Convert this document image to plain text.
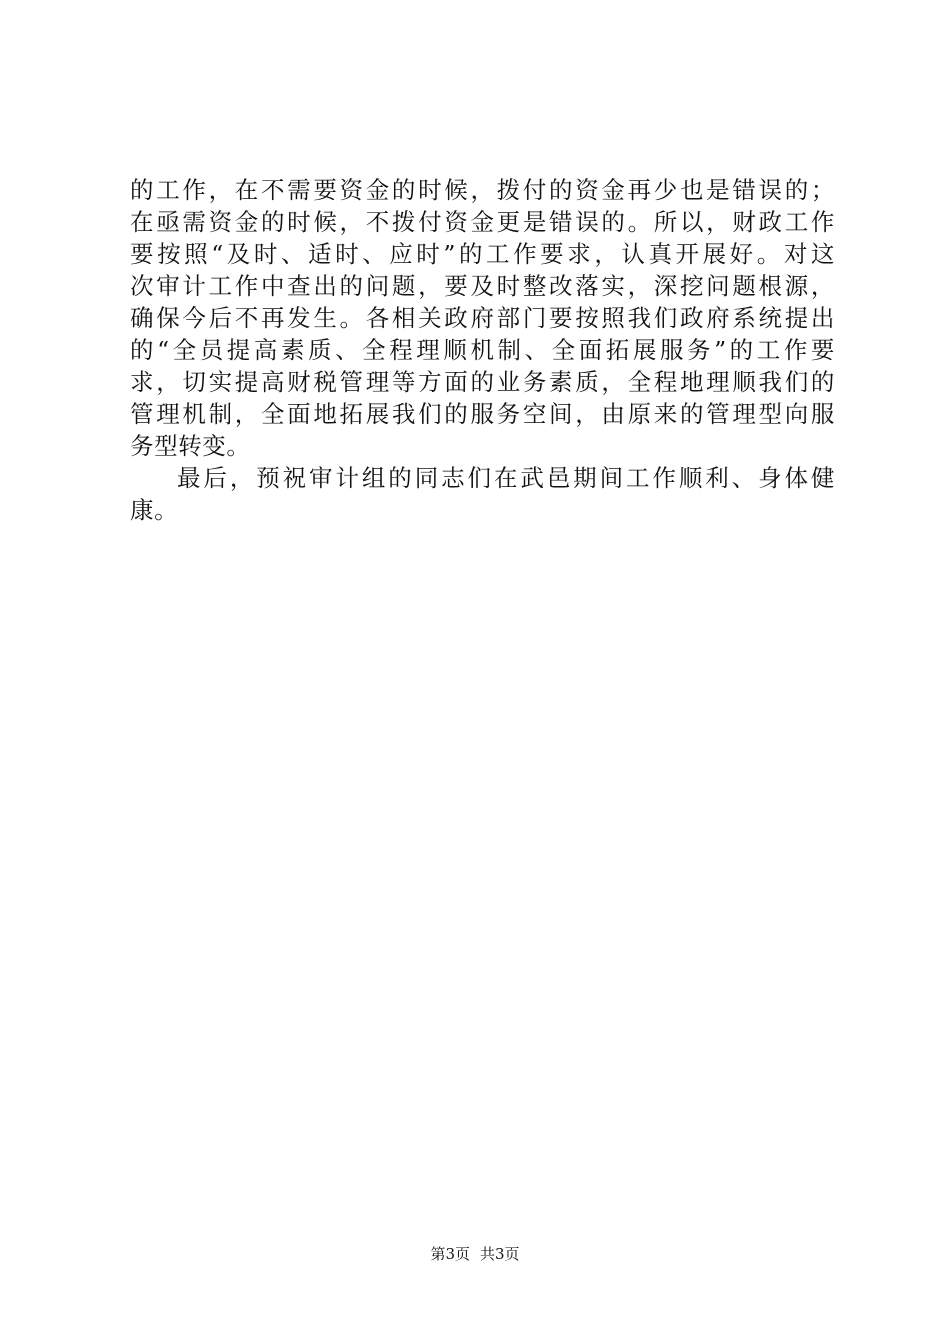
的工作，在不需要资金的时候，拨付的资金再少也是错误的；
在亟需资金的时候，不拨付资金更是错误的。所以，财政工作
要按照“及时、适时、应时”的工作要求，认真开展好。对这
次审计工作中查出的问题，要及时整改落实，深挖问题根源，
确保今后不再发生。各相关政府部门要按照我们政府系统提出
的“全员提高素质、全程理顺机制、全面拓展服务”的工作要
求，切实提高财税管理等方面的业务素质，全程地理顺我们的
管理机制，全面地拓展我们的服务空间，由原来的管理型向服
务型转变。
最后，预祝审计组的同志们在武邑期间工作顺利、身体健
康。
第3页 共3页
